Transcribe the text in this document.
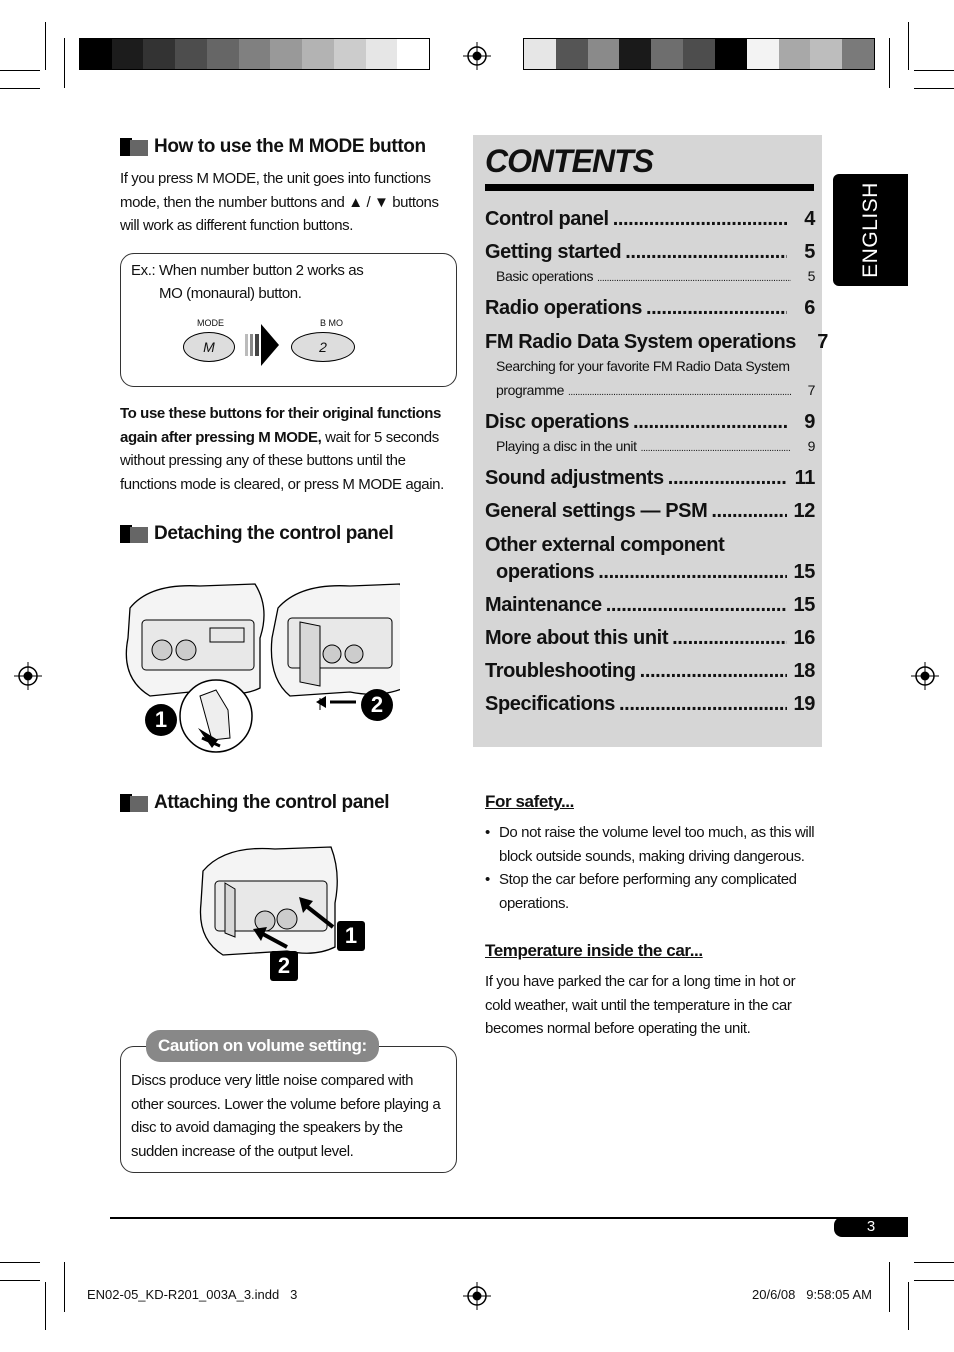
How to use the M MODE button
If you press M MODE, the unit goes into functions mode, then the number buttons and ▲ / ▼ buttons will work as different function buttons.
Ex.: When number button 2 works as
MO (monaural) button.
MODE
M
B MO
2
To use these buttons for their original functions again after pressing M MODE, wait for 5 seconds without pressing any of these buttons until the functions mode is cleared, or press M MODE again.
Detaching the control panel
1
2
Attaching the control panel
1
2
Discs produce very little noise compared with other sources. Lower the volume before playing a disc to avoid damaging the speakers by the sudden increase of the output level.
Caution on volume setting:
CONTENTS
Control panel .....	4
Getting started .....	5
Basic operations .....	5
Radio operations .....	6
FM Radio Data System operations	7
Searching for your favorite FM Radio Data System
programme .....	7
Disc operations .....	9
Playing a disc in the unit .....	9
Sound adjustments .....	11
General settings — PSM .....	12
Other external component
operations .....	15
Maintenance .....	15
More about this unit .....	16
Troubleshooting .....	18
Specifications .....	19
ENGLISH
For safety...
• Do not raise the volume level too much, as this will block outside sounds, making driving dangerous.
• Stop the car before performing any complicated operations.
Temperature inside the car...
If you have parked the car for a long time in hot or cold weather, wait until the temperature in the car becomes normal before operating the unit.
3
EN02-05_KD-R201_003A_3.indd   3	20/6/08   9:58:05 AM
